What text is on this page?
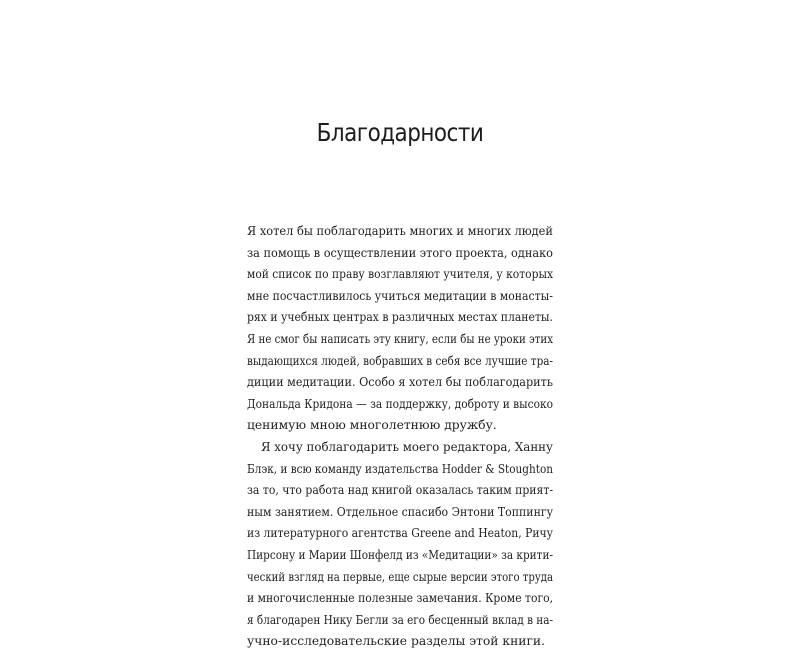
Благодарности
Я хотел бы поблагодарить многих и многих людей
за помощь в осуществлении этого проекта, однако
мой список по праву возглавляют учителя, у которых
мне посчастливилось учиться медитации в монасты-
рях и учебных центрах в различных местах планеты.
Я не смог бы написать эту книгу, если бы не уроки этих
выдающихся людей, вобравших в себя все лучшие тра-
диции медитации. Особо я хотел бы поблагодарить
Дональда Кридона — за поддержку, доброту и высоко
ценимую мною многолетнюю дружбу.
Я хочу поблагодарить моего редактора, Ханну
Блэк, и всю команду издательства Hodder & Stoughton
за то, что работа над книгой оказалась таким прият-
ным занятием. Отдельное спасибо Энтони Топпингу
из литературного агентства Greene and Heaton, Ричу
Пирсону и Марии Шонфелд из «Медитации» за крити-
ческий взгляд на первые, еще сырые версии этого труда
и многочисленные полезные замечания. Кроме того,
я благодарен Нику Бегли за его бесценный вклад в на-
учно-исследовательские разделы этой книги.
